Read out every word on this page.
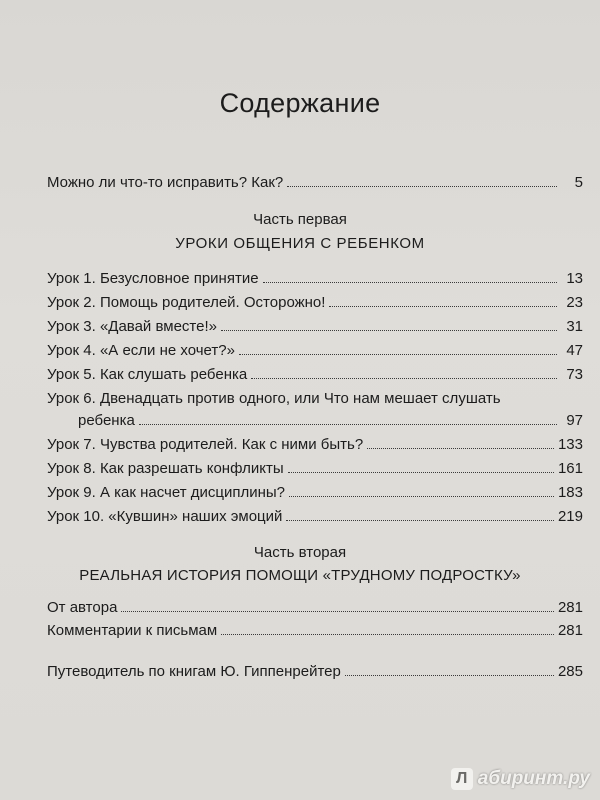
Содержание
Можно ли что-то исправить? Как?	5
Часть первая
УРОКИ ОБЩЕНИЯ С РЕБЕНКОМ
Урок 1. Безусловное принятие	13
Урок 2. Помощь родителей. Осторожно!	23
Урок 3. «Давай вместе!»	31
Урок 4. «А если не хочет?»	47
Урок 5. Как слушать ребенка	73
Урок 6. Двенадцать против одного, или Что нам мешает слушать
ребенка	97
Урок 7. Чувства родителей. Как с ними быть?	133
Урок 8. Как разрешать конфликты	161
Урок 9. А как насчет дисциплины?	183
Урок 10. «Кувшин» наших эмоций	219
Часть вторая
РЕАЛЬНАЯ ИСТОРИЯ ПОМОЩИ «ТРУДНОМУ ПОДРОСТКУ»
От автора	281
Комментарии к письмам	281
Путеводитель по книгам Ю. Гиппенрейтер	285
Л абиринт.ру
